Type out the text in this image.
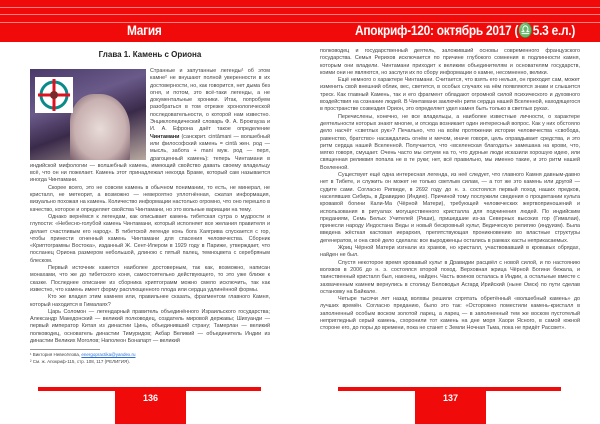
Магия	Апокриф-120: октябрь 2017 (♎5.3 е.л.)
Глава 1. Камень с Ориона

Странные и запутанные легенды¹ об этом камне² не внушают полной уверенности в их достоверности, но, как говорится, нет дыма без огня, и потом, это всё-таки легенды, а не документальные хроники. Итак, попробуем разобраться в том отрезке хронологической последовательности, о которой нам известно. Энциклопедический словарь Ф. А. Брокгауза и И. А. Ефрона даёт такое определение Чинтамани (санскрит. cintâmani — волшебный или философский камень = cintâ жен. род — мысль, забота + mani муж. род — перл, драгоценный камень): теперь Чинтамани в индийской мифологии — волшебный камень, имеющий свойство давать своему владельцу всё, что он ни пожелает. Камень этот принадлежал некогда Браме, который сам называется иногда Чинтамани.

Скорее всего, это не совсем камень в обычном понимании, то есть, не минерал, не кристалл, не метеорит, а возможно — невероятно уплотнённая, сжатая информация, визуально похожая на камень. Количество информации настолько огромно, что оно перешло в качество, которое и определяет свойства Чинтамани, но это вольные вариации на тему.

Однако вернёмся к легендам, как описывает камень тибетская сутра о мудрости и глупости: «Небесно-голубой камень Чинтамани, который исполняет все желания правителя и делает счастливым его народ». В тибетской легенде конь бога Хаягрива спускается с гор, чтобы принести огненный камень Чинтамани для спасения человечества. Сборник «Криптограммы Востока», изданный Ж. Сент-Илером в 1929 году в Париже, утверждает, что посланец Ориона размером небольшой, длиною с пятый палец, темноцвета с серебряным блеском.

Первый источник кажется наиболее достоверным, так как, возможно, написан монахами, что же до тибетского коня, самостоятельно действующего, то это уже ближе к сказке. Последнее описание из сборника криптограмм можно смело исключить, так как известно, что камень имеет форму расплющенного плода или сердца удлинённой формы.

Кто же владел этим камнем или, правильнее сказать, фрагментом главного Камня, который находится в Гималаях?

Царь Соломон — легендарный правитель объединённого Израильского государства; Александр Македонский — великий полководец, создатель мировой державы; Шихуанди — первый император Китая из династии Цинь, объединивший страну; Тамерлан — великий полководец, основатель династии Тимуридов; Акбар Великий — объединитель Индии из династии Великих Моголов; Наполеон Бонапарт — великий

¹ Виктория Невесёлова, energopractika@yandex.ru
² См. ж. Апокриф-115, стр. 108, 117 (РЕЛИГИЯ).

полководец и государственный деятель, заложивший основы современного французского государства. Семья Рерихов исключается по причине глубокого сомнения в подлинности камня, которым они владели. Чинтамани приходит к великим объединителям и основателям государств, коими они не являются, но заслуги их по сбору информации о камне, несомненно, велики.

Ещё немного о характере Чинтамани. Считается, что взять его нельзя, он приходит сам, может изменить свой внешний облик, вес, светится, в особых случаях на нём появляются знаки и слышится треск. Как главный Камень, так и его фрагмент обладают огромной силой психического и духовного воздействия на сознание людей. В Чинтамани заключён ритм сердца нашей Вселенной, находящегося в пространстве созвездия Орион, это определяет удел камня быть только в светлых руках.

Перечислены, конечно, не все владельцы, а наиболее известные личности, о характере деятельности которых знают многие, и отсюда возникает один интересный вопрос. Как у них обстояло дело насчёт «светлых рук»? Печально, что на всём протяжении истории человечества «свобода, равенство, братство» насаждались огнём и мечом, иначе говоря, цель оправдывает средства, и это ритм сердца нашей Вселенной. Получается, что «вселенская благодать» замешана на крови, что, мягко говоря, смущает. Очень часто мы сетуем на то, что дурные люди исказили хорошую идею, или священная реликвия попала не в те руки; нет, всё правильно, мы именно такие, и это ритм нашей Вселенной.

Существует ещё одна интересная легенда, из неё следует, что главного Камня давным-давно нет в Тибете, и служить он может не только светлым силам, — а тот же это камень или другой — судите сами. Согласно Ригведе, в 2692 году до н. э. состоялся первый поход наших предков, населявших Сибирь, в Дравидию (Индию). Причиной тому послужили сведения о процветании культа кровавой богини Кали-Ма (Чёрной Матери), требующей человеческих жертвоприношений и использования в ритуалах могущественного кристалла для подчинения людей. По индийским преданиям, Семь Белых Учителей (Риши), пришедшие из-за Северных высоких гор (Гималаи), принесли народу Индостана Веды и новый бескровный культ, Ведическую религию (индуизм). Была введена жёсткая кастовая иерархия, препятствующая проникновению во властные структуры дегенератов, и она своё дело сделала: все выродженцы остались в рамках касты неприкасаемых.

Жриц Чёрной Матери изгнали из храмов, но кристалл, участвовавший в кровавых обрядах, найден не был.

Спустя некоторое время кровавый культ в Дравидии расцвёл с новой силой, и по настоянию волхвов в 2006 до н. э. состоялся второй поход. Верховная жрица Чёрной Богини бежала, и таинственный кристалл был, наконец, найден. Часть воинов осталась в Индии, а остальные вместе с захваченным камнем вернулись в столицу Беловодья Асгард Ирийский (ныне Омск) по пути сделав остановку на Байкале.

Четыре тысячи лет назад волхвы решили спрятать обретённый «волшебный камень» до лучших времён. Согласно преданию, было это так: «Осторожно поместили камень-кристалл в заполненный особым воском золотой ларец, а ларец — в заполненный тем же воском пустотелый непригледный серый камень, схоронили тот камень на дне моря Хаори Ясного, в самой южной стороне его, до поры до времени, пока не станет с Земли Ночная Тьма, пока не придёт Рассвет».

136	137
